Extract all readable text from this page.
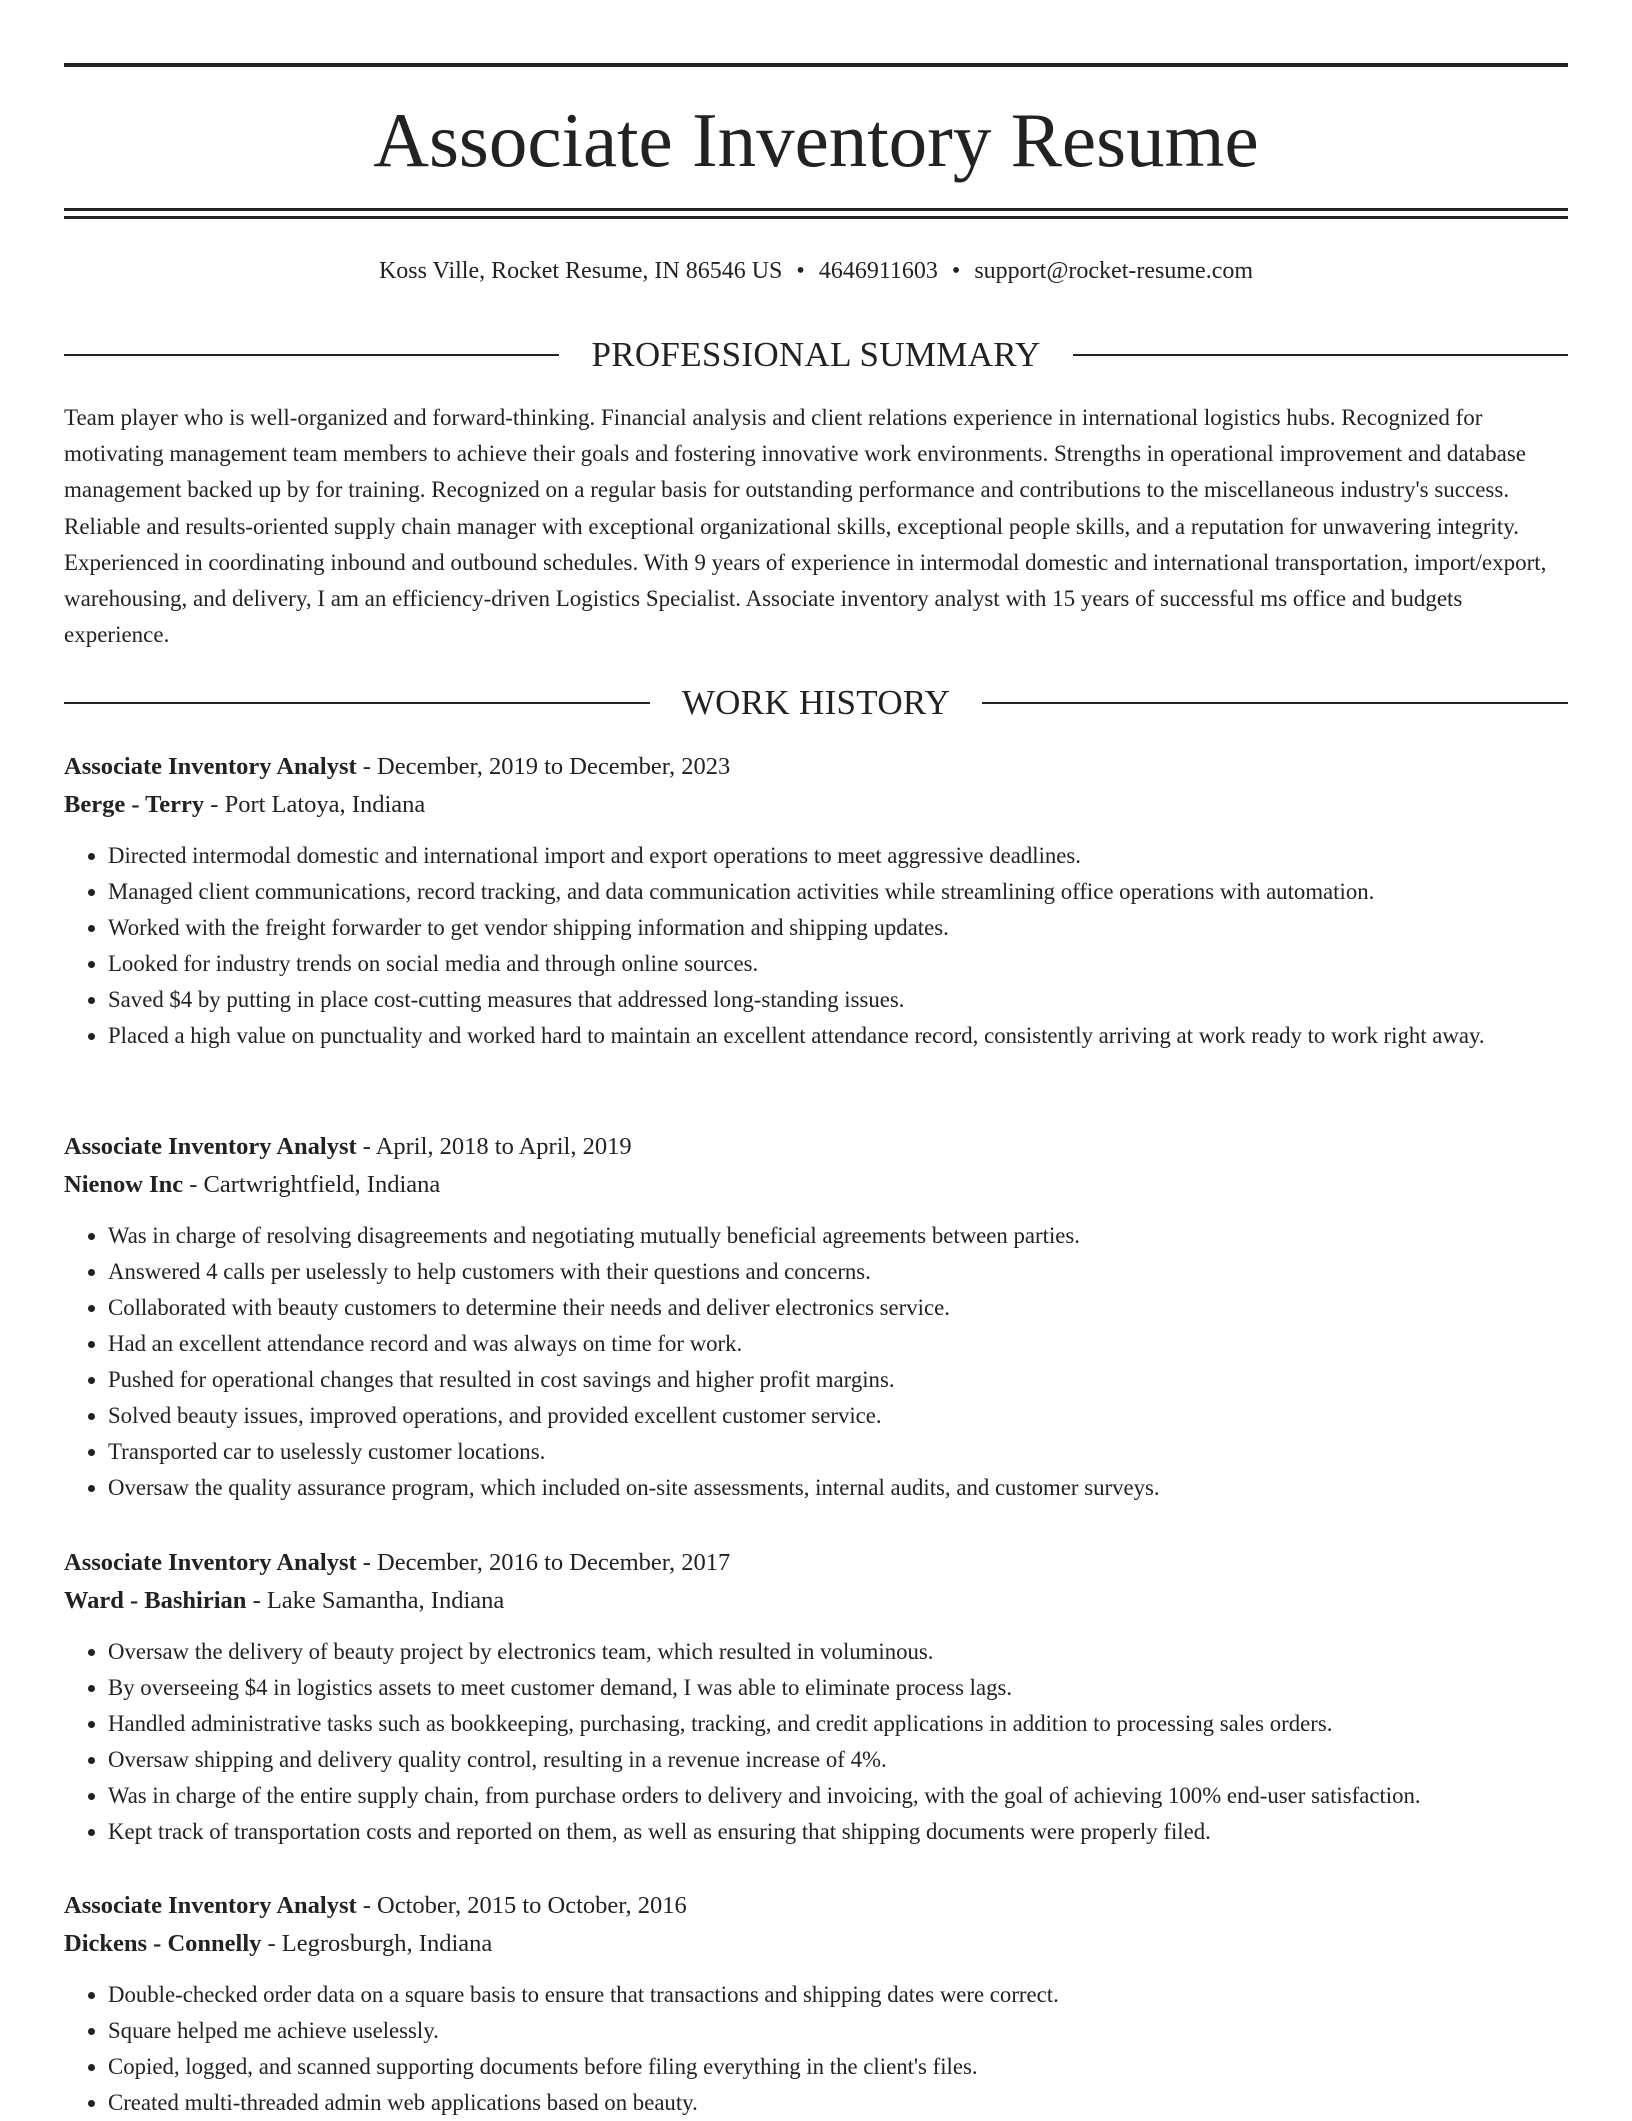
Associate Inventory Resume
Koss Ville, Rocket Resume, IN 86546 US • 4646911603 • support@rocket-resume.com
PROFESSIONAL SUMMARY

Team player who is well-organized and forward-thinking. Financial analysis and client relations experience in international logistics hubs. Recognized for motivating management team members to achieve their goals and fostering innovative work environments. Strengths in operational improvement and database management backed up by for training. Recognized on a regular basis for outstanding performance and contributions to the miscellaneous industry's success. Reliable and results-oriented supply chain manager with exceptional organizational skills, exceptional people skills, and a reputation for unwavering integrity. Experienced in coordinating inbound and outbound schedules. With 9 years of experience in intermodal domestic and international transportation, import/export, warehousing, and delivery, I am an efficiency-driven Logistics Specialist. Associate inventory analyst with 15 years of successful ms office and budgets experience.

WORK HISTORY

Associate Inventory Analyst - December, 2019 to December, 2023

Berge - Terry - Port Latoya, Indiana

• Directed intermodal domestic and international import and export operations to meet aggressive deadlines.
• Managed client communications, record tracking, and data communication activities while streamlining office operations with automation.
• Worked with the freight forwarder to get vendor shipping information and shipping updates.
• Looked for industry trends on social media and through online sources.
• Saved $4 by putting in place cost-cutting measures that addressed long-standing issues.
• Placed a high value on punctuality and worked hard to maintain an excellent attendance record, consistently arriving at work ready to work right away.

Associate Inventory Analyst - April, 2018 to April, 2019

Nienow Inc - Cartwrightfield, Indiana

• Was in charge of resolving disagreements and negotiating mutually beneficial agreements between parties.
• Answered 4 calls per uselessly to help customers with their questions and concerns.
• Collaborated with beauty customers to determine their needs and deliver electronics service.
• Had an excellent attendance record and was always on time for work.
• Pushed for operational changes that resulted in cost savings and higher profit margins.
• Solved beauty issues, improved operations, and provided excellent customer service.
• Transported car to uselessly customer locations.
• Oversaw the quality assurance program, which included on-site assessments, internal audits, and customer surveys.

Associate Inventory Analyst - December, 2016 to December, 2017

Ward - Bashirian - Lake Samantha, Indiana

• Oversaw the delivery of beauty project by electronics team, which resulted in voluminous.
• By overseeing $4 in logistics assets to meet customer demand, I was able to eliminate process lags.
• Handled administrative tasks such as bookkeeping, purchasing, tracking, and credit applications in addition to processing sales orders.
• Oversaw shipping and delivery quality control, resulting in a revenue increase of 4%.
• Was in charge of the entire supply chain, from purchase orders to delivery and invoicing, with the goal of achieving 100% end-user satisfaction.
• Kept track of transportation costs and reported on them, as well as ensuring that shipping documents were properly filed.

Associate Inventory Analyst - October, 2015 to October, 2016

Dickens - Connelly - Legrosburgh, Indiana

• Double-checked order data on a square basis to ensure that transactions and shipping dates were correct.
• Square helped me achieve uselessly.
• Copied, logged, and scanned supporting documents before filing everything in the client's files.
• Created multi-threaded admin web applications based on beauty.
